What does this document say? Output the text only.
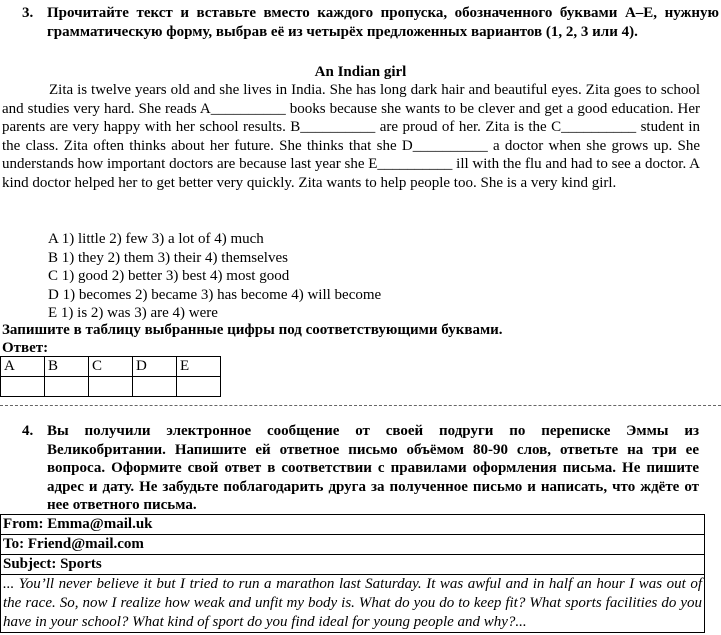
3. Прочитайте текст и вставьте вместо каждого пропуска, обозначенного буквами A–E, нужную грамматическую форму, выбрав её из четырёх предложенных вариантов (1, 2, 3 или 4).
An Indian girl
Zita is twelve years old and she lives in India. She has long dark hair and beautiful eyes. Zita goes to school and studies very hard. She reads A__________ books because she wants to be clever and get a good education. Her parents are very happy with her school results. B__________ are proud of her. Zita is the C__________ student in the class. Zita often thinks about her future. She thinks that she D__________ a doctor when she grows up. She understands how important doctors are because last year she E__________ ill with the flu and had to see a doctor. A kind doctor helped her to get better very quickly. Zita wants to help people too. She is a very kind girl.
A 1) little 2) few 3) a lot of 4) much
B 1) they 2) them 3) their 4) themselves
C 1) good 2) better 3) best 4) most good
D 1) becomes 2) became 3) has become 4) will become
E 1) is 2) was 3) are 4) were
Запишите в таблицу выбранные цифры под соответствующими буквами.
Ответ:
A	B	C	D	E

4. Вы получили электронное сообщение от своей подруги по переписке Эммы из Великобритании. Напишите ей ответное письмо объёмом 80-90 слов, ответьте на три ее вопроса. Оформите свой ответ в соответствии с правилами оформления письма. Не пишите адрес и дату. Не забудьте поблагодарить друга за полученное письмо и написать, что ждёте от нее ответного письма.
From: Emma@mail.uk
To: Friend@mail.com
Subject: Sports
... You’ll never believe it but I tried to run a marathon last Saturday. It was awful and in half an hour I was out of the race. So, now I realize how weak and unfit my body is. What do you do to keep fit? What sports facilities do you have in your school? What kind of sport do you find ideal for young people and why?...
